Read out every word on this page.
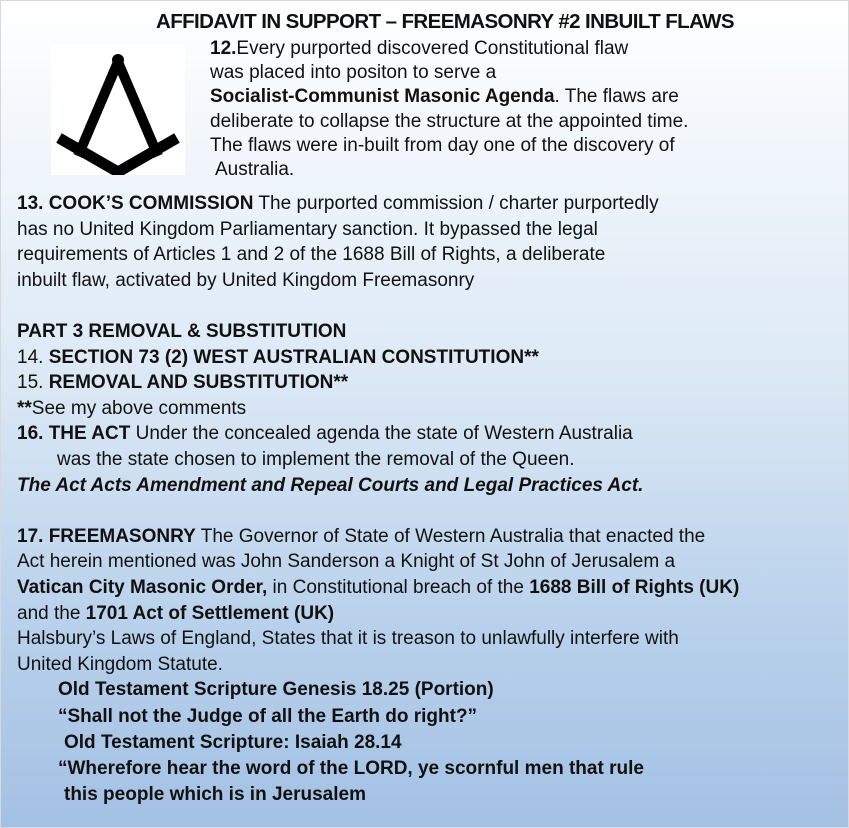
AFFIDAVIT IN SUPPORT – FREEMASONRY #2 INBUILT FLAWS
12.Every purported discovered Constitutional flaw
was placed into positon to serve a
Socialist-Communist Masonic Agenda. The flaws are
deliberate to collapse the structure at the appointed time.
The flaws were in-built from day one of the discovery of
Australia.
13. COOK’S COMMISSION The purported commission / charter purportedly
has no United Kingdom Parliamentary sanction. It bypassed the legal
requirements of Articles 1 and 2 of the 1688 Bill of Rights, a deliberate
inbuilt flaw, activated by United Kingdom Freemasonry
PART 3 REMOVAL & SUBSTITUTION
14. SECTION 73 (2) WEST AUSTRALIAN CONSTITUTION**
15. REMOVAL AND SUBSTITUTION**
**See my above comments
16. THE ACT Under the concealed agenda the state of Western Australia
was the state chosen to implement the removal of the Queen.
The Act Acts Amendment and Repeal Courts and Legal Practices Act.
17. FREEMASONRY The Governor of State of Western Australia that enacted the
Act herein mentioned was John Sanderson a Knight of St John of Jerusalem a
Vatican City Masonic Order, in Constitutional breach of the 1688 Bill of Rights (UK)
and the 1701 Act of Settlement (UK)
Halsbury’s Laws of England, States that it is treason to unlawfully interfere with
United Kingdom Statute.
Old Testament Scripture Genesis 18.25 (Portion)
“Shall not the Judge of all the Earth do right?”
Old Testament Scripture: Isaiah 28.14
“Wherefore hear the word of the LORD, ye scornful men that rule
this people which is in Jerusalem
